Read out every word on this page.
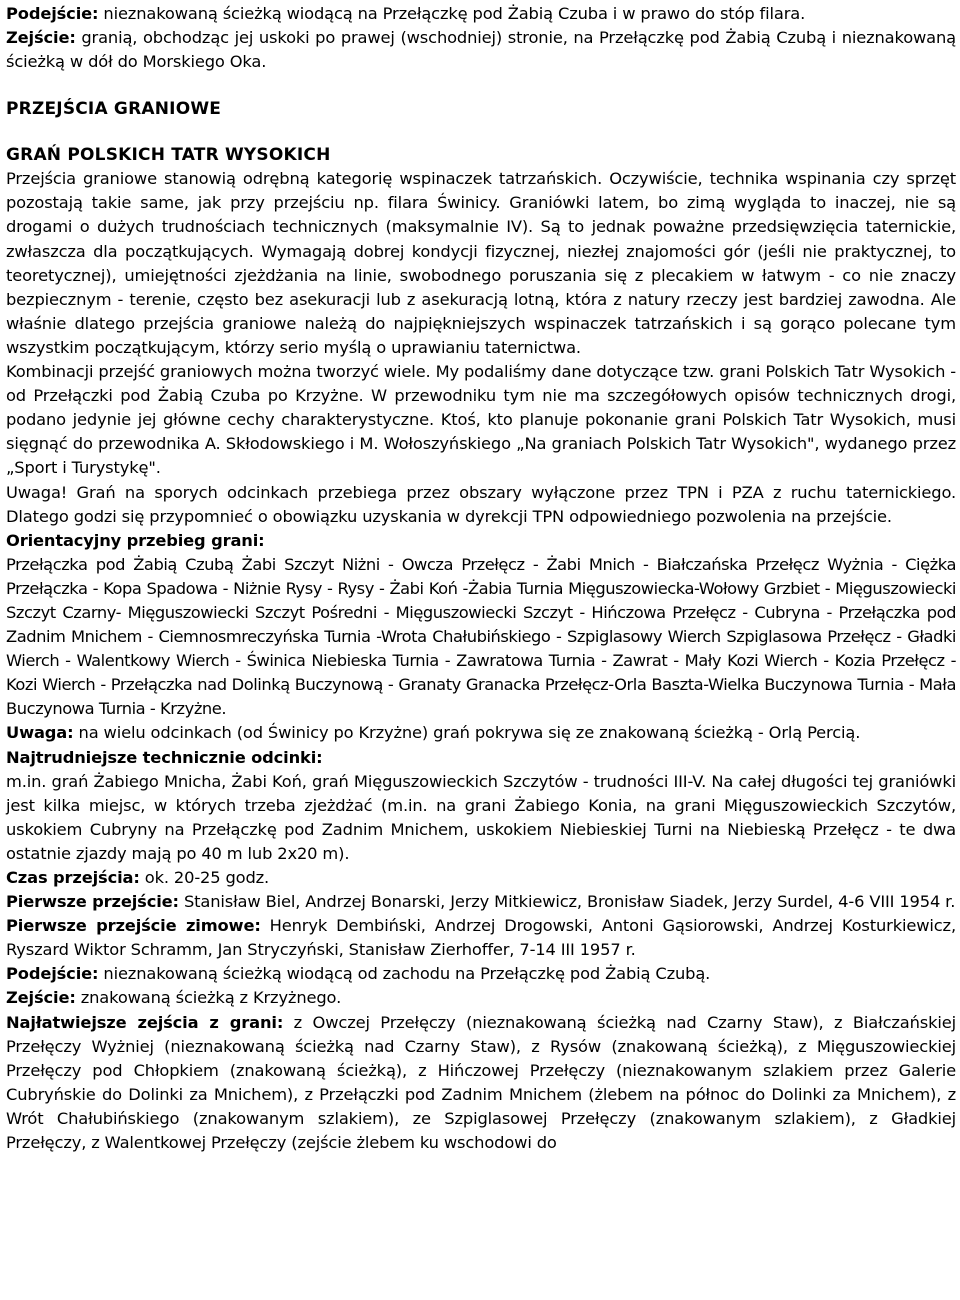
Podejście: nieznakowaną ścieżką wiodącą na Przełączkę pod Żabią Czuba i w prawo do stóp filara.

Zejście: granią, obchodząc jej uskoki po prawej (wschodniej) stronie, na Przełączkę pod Żabią Czubą i nieznakowaną ścieżką w dół do Morskiego Oka.

PRZEJŚCIA GRANIOWE

GRAŃ POLSKICH TATR WYSOKICH

Przejścia graniowe stanowią odrębną kategorię wspinaczek tatrzańskich. Oczywiście, technika wspinania czy sprzęt pozostają takie same, jak przy przejściu np. filara Świnicy. Graniówki latem, bo zimą wygląda to inaczej, nie są drogami o dużych trudnościach technicznych (maksymalnie IV). Są to jednak poważne przedsięwzięcia taternickie, zwłaszcza dla początkujących. Wymagają dobrej kondycji fizycznej, niezłej znajomości gór (jeśli nie praktycznej, to teoretycznej), umiejętności zjeżdżania na linie, swobodnego poruszania się z plecakiem w łatwym - co nie znaczy bezpiecznym - terenie, często bez asekuracji lub z asekuracją lotną, która z natury rzeczy jest bardziej zawodna. Ale właśnie dlatego przejścia graniowe należą do najpiękniejszych wspinaczek tatrzańskich i są gorąco polecane tym wszystkim początkującym, którzy serio myślą o uprawianiu taternictwa.

Kombinacji przejść graniowych można tworzyć wiele. My podaliśmy dane dotyczące tzw. grani Polskich Tatr Wysokich - od Przełączki pod Żabią Czuba po Krzyżne. W przewodniku tym nie ma szczegółowych opisów technicznych drogi, podano jedynie jej główne cechy charakterystyczne. Ktoś, kto planuje pokonanie grani Polskich Tatr Wysokich, musi sięgnąć do przewodnika A. Skłodowskiego i M. Wołoszyńskiego „Na graniach Polskich Tatr Wysokich", wydanego przez „Sport i Turystykę".

Uwaga! Grań na sporych odcinkach przebiega przez obszary wyłączone przez TPN i PZA z ruchu taternickiego. Dlatego godzi się przypomnieć o obowiązku uzyskania w dyrekcji TPN odpowiedniego pozwolenia na przejście.

Orientacyjny przebieg grani:

Przełączka pod Żabią Czubą Żabi Szczyt Niżni - Owcza Przełęcz - Żabi Mnich - Białczańska Przełęcz Wyżnia - Ciężka Przełączka - Kopa Spadowa - Niżnie Rysy - Rysy - Żabi Koń -Żabia Turnia Mięguszowiecka-Wołowy Grzbiet - Mięguszowiecki Szczyt Czarny- Mięguszowiecki Szczyt Pośredni - Mięguszowiecki Szczyt - Hińczowa Przełęcz - Cubryna - Przełączka pod Zadnim Mnichem - Ciemnosmreczyńska Turnia -Wrota Chałubińskiego - Szpiglasowy Wierch Szpiglasowa Przełęcz - Gładki Wierch - Walentkowy Wierch - Świnica Niebieska Turnia - Zawratowa Turnia - Zawrat - Mały Kozi Wierch - Kozia Przełęcz - Kozi Wierch - Przełączka nad Dolinką Buczynową - Granaty Granacka Przełęcz-Orla Baszta-Wielka Buczynowa Turnia - Mała Buczynowa Turnia - Krzyżne.

Uwaga: na wielu odcinkach (od Świnicy po Krzyżne) grań pokrywa się ze znakowaną ścieżką - Orlą Percią.

Najtrudniejsze technicznie odcinki:

m.in. grań Żabiego Mnicha, Żabi Koń, grań Mięguszowieckich Szczytów - trudności III-V. Na całej długości tej graniówki jest kilka miejsc, w których trzeba zjeżdżać (m.in. na grani Żabiego Konia, na grani Mięguszowieckich Szczytów, uskokiem Cubryny na Przełączkę pod Zadnim Mnichem, uskokiem Niebieskiej Turni na Niebieską Przełęcz - te dwa ostatnie zjazdy mają po 40 m lub 2x20 m).

Czas przejścia: ok. 20-25 godz.

Pierwsze przejście: Stanisław Biel, Andrzej Bonarski, Jerzy Mitkiewicz, Bronisław Siadek, Jerzy Surdel, 4-6 VIII 1954 r.

Pierwsze przejście zimowe: Henryk Dembiński, Andrzej Drogowski, Antoni Gąsiorowski, Andrzej Kosturkiewicz, Ryszard Wiktor Schramm, Jan Stryczyński, Stanisław Zierhoffer, 7-14 III 1957 r.

Podejście: nieznakowaną ścieżką wiodącą od zachodu na Przełączkę pod Żabią Czubą.

Zejście: znakowaną ścieżką z Krzyżnego.

Najłatwiejsze zejścia z grani: z Owczej Przełęczy (nieznakowaną ścieżką nad Czarny Staw), z Białczańskiej Przełęczy Wyżniej (nieznakowaną ścieżką nad Czarny Staw), z Rysów (znakowaną ścieżką), z Mięguszowieckiej Przełęczy pod Chłopkiem (znakowaną ścieżką), z Hińczowej Przełęczy (nieznakowanym szlakiem przez Galerie Cubryńskie do Dolinki za Mnichem), z Przełączki pod Zadnim Mnichem (żlebem na północ do Dolinki za Mnichem), z Wrót Chałubińskiego (znakowanym szlakiem), ze Szpiglasowej Przełęczy (znakowanym szlakiem), z Gładkiej Przełęczy, z Walentkowej Przełęczy (zejście żlebem ku wschodowi do
